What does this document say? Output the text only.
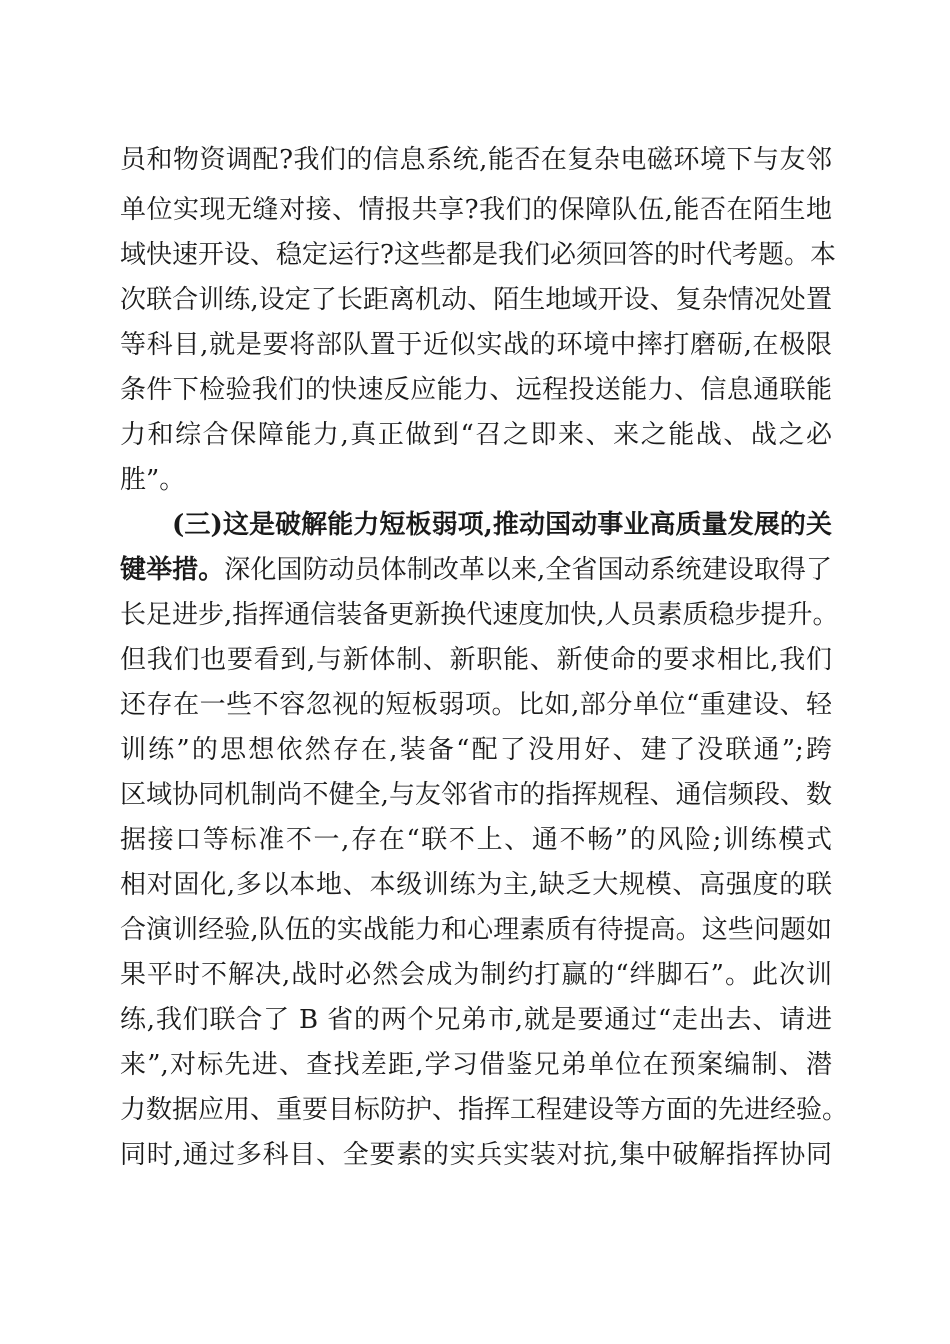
员和物资调配?我们的信息系统,能否在复杂电磁环境下与友邻
单位实现无缝对接、情报共享?我们的保障队伍,能否在陌生地
域快速开设、稳定运行?这些都是我们必须回答的时代考题。本
次联合训练,设定了长距离机动、陌生地域开设、复杂情况处置
等科目,就是要将部队置于近似实战的环境中摔打磨砺,在极限
条件下检验我们的快速反应能力、远程投送能力、信息通联能
力和综合保障能力,真正做到“召之即来、来之能战、战之必
胜”。
(三)这是破解能力短板弱项,推动国动事业高质量发展的关
键举措。深化国防动员体制改革以来,全省国动系统建设取得了
长足进步,指挥通信装备更新换代速度加快,人员素质稳步提升。
但我们也要看到,与新体制、新职能、新使命的要求相比,我们
还存在一些不容忽视的短板弱项。比如,部分单位“重建设、轻
训练”的思想依然存在,装备“配了没用好、建了没联通”;跨
区域协同机制尚不健全,与友邻省市的指挥规程、通信频段、数
据接口等标准不一,存在“联不上、通不畅”的风险;训练模式
相对固化,多以本地、本级训练为主,缺乏大规模、高强度的联
合演训经验,队伍的实战能力和心理素质有待提高。这些问题如
果平时不解决,战时必然会成为制约打赢的“绊脚石”。此次训
练,我们联合了 B 省的两个兄弟市,就是要通过“走出去、请进
来”,对标先进、查找差距,学习借鉴兄弟单位在预案编制、潜
力数据应用、重要目标防护、指挥工程建设等方面的先进经验。
同时,通过多科目、全要素的实兵实装对抗,集中破解指挥协同
